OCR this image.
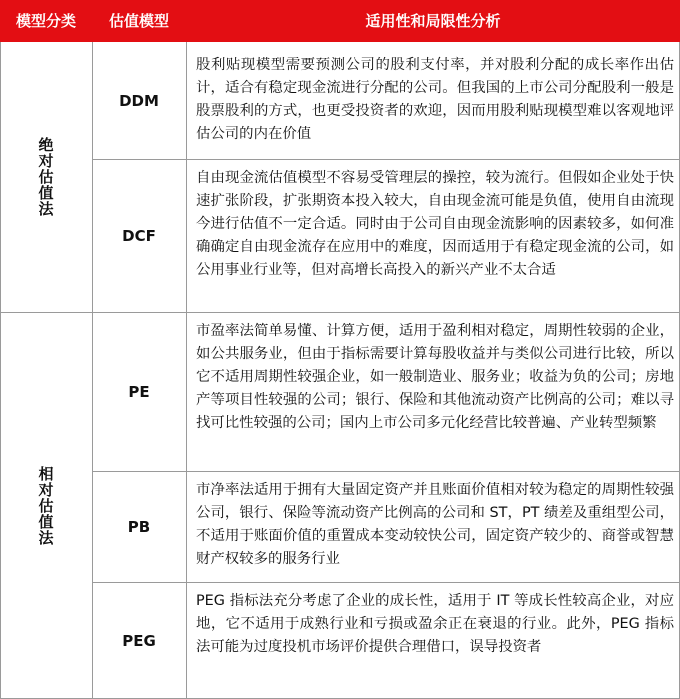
模型分类	估值模型	适用性和局限性分析
绝对估值法
相对估值法
DDM
DCF
PE
PB
PEG

股利贴现模型需要预测公司的股利支付率，并对股利分配的成长率作出估计，适合有稳定现金流进行分配的公司。但我国的上市公司分配股利一般是股票股利的方式，也更受投资者的欢迎，因而用股利贴现模型难以客观地评估公司的内在价值

自由现金流估值模型不容易受管理层的操控，较为流行。但假如企业处于快速扩张阶段，扩张期资本投入较大，自由现金流可能是负值，使用自由流现今进行估值不一定合适。同时由于公司自由现金流影响的因素较多，如何准确确定自由现金流存在应用中的难度，因而适用于有稳定现金流的公司，如公用事业行业等，但对高增长高投入的新兴产业不太合适

市盈率法简单易懂、计算方便，适用于盈利相对稳定，周期性较弱的企业，如公共服务业，但由于指标需要计算每股收益并与类似公司进行比较，所以它不适用周期性较强企业，如一般制造业、服务业；收益为负的公司；房地产等项目性较强的公司；银行、保险和其他流动资产比例高的公司；难以寻找可比性较强的公司；国内上市公司多元化经营比较普遍、产业转型频繁

市净率法适用于拥有大量固定资产并且账面价值相对较为稳定的周期性较强公司，银行、保险等流动资产比例高的公司和 ST，PT 绩差及重组型公司，不适用于账面价值的重置成本变动较快公司，固定资产较少的、商誉或智慧财产权较多的服务行业

PEG 指标法充分考虑了企业的成长性，适用于 IT 等成长性较高企业，对应地，它不适用于成熟行业和亏损或盈余正在衰退的行业。此外，PEG 指标法可能为过度投机市场评价提供合理借口，误导投资者
